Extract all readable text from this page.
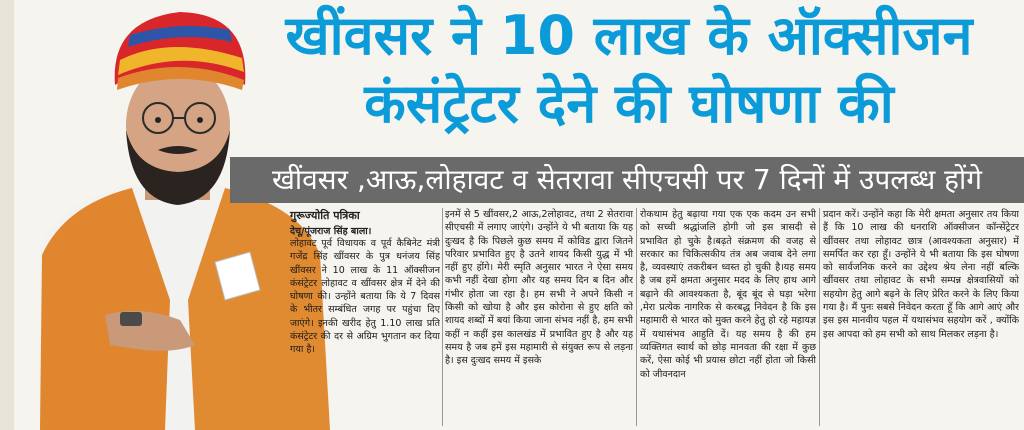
खींवसर ने 10 लाख के ऑक्सीजन
कंसंट्रेटर देने की घोषणा की
खींवसर ,आऊ,लोहावट व सेतरावा सीएचसी पर 7 दिनों में उपलब्ध होंगे
गुरूज्योति पत्रिका
देचू/पूंजराज सिंह बाला।
लोहावट पूर्व विधायक व पूर्व कैबिनेट मंत्री गजेंद्र सिंह खींवसर के पुत्र धनंजय सिंह खींवसर ने 10 लाख के 11 ऑक्सीजन कंसंट्रेटर लोहावट व खींवसर क्षेत्र में देने की घोषणा की। उन्होंने बताया कि ये 7 दिवस के भीतर सम्बंधित जगह पर पहुंचा दिए जाएंगे। इनकी खरीद हेतु 1.10 लाख प्रति कंसंट्रेटर की दर से अग्रिम भुगतान कर दिया गया है।
इनमें से 5 खींवसर,2 आऊ,2लोहावट, तथा 2 सेतरावा सीएचसी में लगाए जाएंगे। उन्होंने ये भी बताया कि यह दुःखद है कि पिछले कुछ समय में कोविड द्वारा जितने परिवार प्रभावित हुए है उतने शायद किसी युद्ध में भी नहीं हुए होंगे। मेरी स्मृति अनुसार भारत ने ऐसा समय कभी नहीं देखा होगा और यह समय दिन ब दिन और गंभीर होता जा रहा है। हम सभी ने अपने किसी न किसी को खोया है और इस कोरोना से हुए क्षति को शायद शब्दों में बयां किया जाना संभव नहीं है, हम सभी कहीं न कहीं इस कालखंड में प्रभावित हुए है और यह समय है जब हमें इस महामारी से संयुक्त रूप से लड़ना है। इस दुःखद समय में इसके
रोकथाम हेतु बढ़ाया गया एक एक कदम उन सभी को सच्ची श्रद्धांजलि होगी जो इस त्रासदी से प्रभावित हो चुके है।बढ़ते संक्रमण की वजह से सरकार का चिकित्सकीय तंत्र अब जवाब देने लगा है, व्यवस्थाएं तकरीबन ध्वस्त हो चुकी है।यह समय है जब हमें क्षमता अनुसार मदद के लिए हाथ आगे बढ़ाने की आवश्यकता है, बूंद बूंद से घड़ा भरेगा ,मेरा प्रत्येक नागरिक से करबद्ध निवेदन है कि इस महामारी से भारत को मुक्त करने हेतु हो रहे महायज्ञ में यथासंभव आहुति दें। यह समय है की हम व्यक्तिगत स्वार्थ को छोड़ मानवता की रक्षा में कुछ करें, ऐसा कोई भी प्रयास छोटा नहीं होता जो किसी को जीवनदान
प्रदान करें। उन्होंने कहा कि मेरी क्षमता अनुसार तय किया हैं कि 10 लाख की धनराशि ऑक्सीजन कॉन्सेंट्रेटर खींवसर तथा लोहावट छात्र (आवश्यकता अनुसार) में समर्पित कर रहा हूँ। उन्होंने ये भी बताया कि इस घोषणा को सार्वजनिक करने का उद्देश्य श्रेय लेना नहीं बल्कि खींवसर तथा लोहावट के सभी सम्पन्न क्षेत्रवासियों को सहयोग हेतु आगे बढ़ने के लिए प्रेरित करने के लिए किया गया है। मैं पुनः सबसे निवेदन करता हूँ कि आगे आएं और इस इस मानवीय पहल में यथासंभव सहयोग करें , क्योंकि इस आपदा को हम सभी को साथ मिलकर लड़ना है।
